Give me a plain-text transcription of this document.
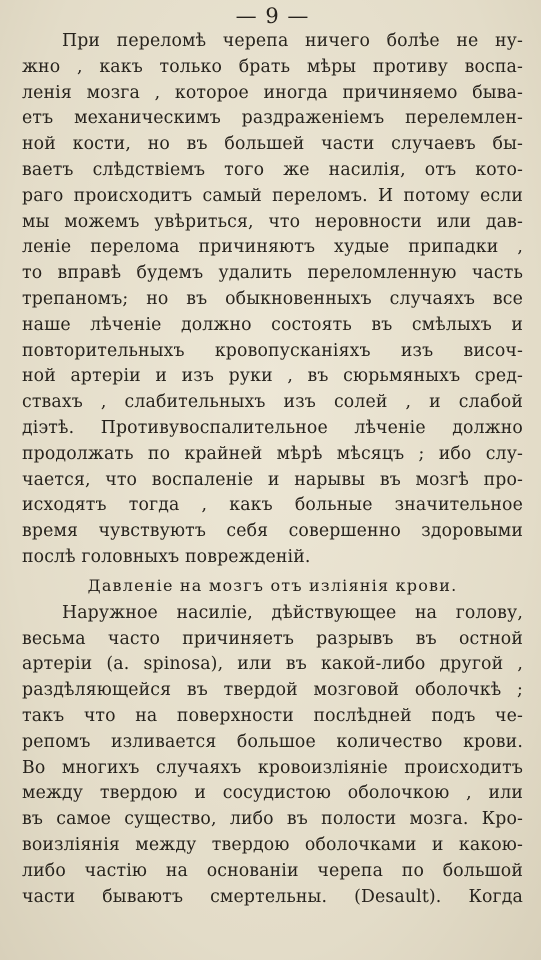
— 9 —
При переломѣ черепа ничего болѣе не ну-
жно , какъ только брать мѣры противу воспа-
ленія мозга , которое иногда причиняемо быва-
етъ механическимъ раздраженіемъ перелемлен-
ной кости, но въ большей части случаевъ бы-
ваетъ слѣдствіемъ того же насилія, отъ кото-
раго происходитъ самый переломъ. И потому если
мы можемъ увѣриться, что неровности или дав-
леніе перелома причиняютъ худые припадки ,
то вправѣ будемъ удалить переломленную часть
трепаномъ; но въ обыкновенныхъ случаяхъ все
наше лѣченіе должно состоять въ смѣлыхъ и
повторительныхъ кровопусканіяхъ изъ височ-
ной артеріи и изъ руки , въ сюрьмяныхъ сред-
ствахъ , слабительныхъ изъ солей , и слабой
діэтѣ. Противувоспалительное лѣченіе должно
продолжать по крайней мѣрѣ мѣсяцъ ; ибо слу-
чается, что воспаленіе и нарывы въ мозгѣ про-
исходятъ тогда , какъ больные значительное
время чувствуютъ себя совершенно здоровыми
послѣ головныхъ поврежденій.
Давленіе на мозгъ отъ изліянія крови.
Наружное насиліе, дѣйствующее на голову,
весьма часто причиняетъ разрывъ въ остной
артеріи (a. spinosa), или въ какой-либо другой ,
раздѣляющейся въ твердой мозговой оболочкѣ ;
такъ что на поверхности послѣдней подъ че-
репомъ изливается большое количество крови.
Во многихъ случаяхъ кровоизліяніе происходитъ
между твердою и сосудистою оболочкою , или
въ самое существо, либо въ полости мозга. Кро-
воизліянія между твердою оболочками и какою-
либо частію на основаніи черепа по большой
части бываютъ смертельны. (Desault). Когда
